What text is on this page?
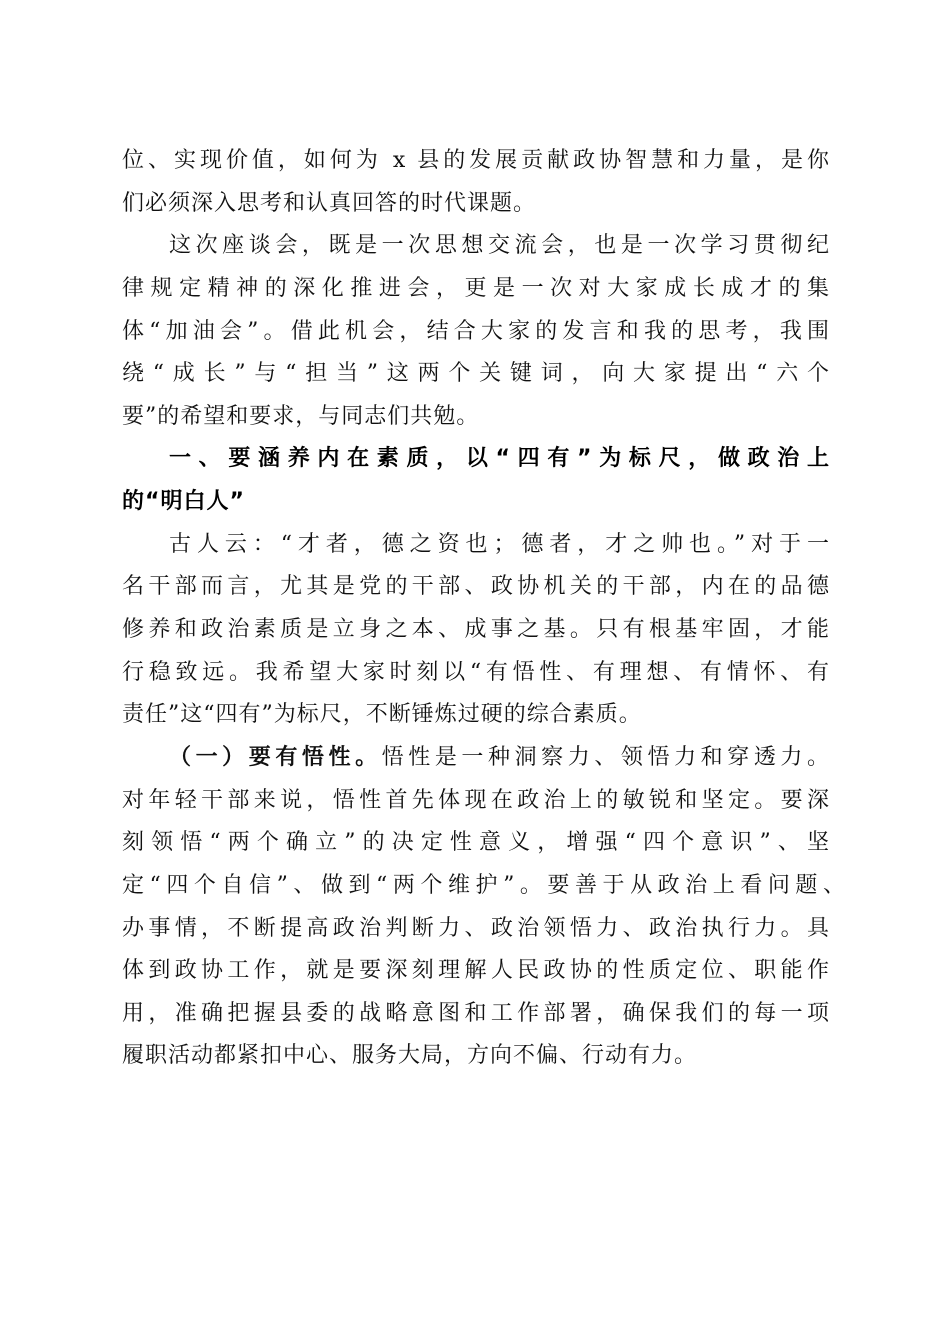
位、实现价值，如何为 x 县的发展贡献政协智慧和力量，是你
们必须深入思考和认真回答的时代课题。
这次座谈会，既是一次思想交流会，也是一次学习贯彻纪
律规定精神的深化推进会，更是一次对大家成长成才的集
体“加油会”。借此机会，结合大家的发言和我的思考，我围
绕“成长”与“担当”这两个关键词，向大家提出“六个
要”的希望和要求，与同志们共勉。
一、要涵养内在素质，以“四有”为标尺，做政治上
的“明白人”
古人云：“才者，德之资也；德者，才之帅也。”对于一
名干部而言，尤其是党的干部、政协机关的干部，内在的品德
修养和政治素质是立身之本、成事之基。只有根基牢固，才能
行稳致远。我希望大家时刻以“有悟性、有理想、有情怀、有
责任”这“四有”为标尺，不断锤炼过硬的综合素质。
（一）要有悟性。悟性是一种洞察力、领悟力和穿透力。
对年轻干部来说，悟性首先体现在政治上的敏锐和坚定。要深
刻领悟“两个确立”的决定性意义，增强“四个意识”、坚
定“四个自信”、做到“两个维护”。要善于从政治上看问题、
办事情，不断提高政治判断力、政治领悟力、政治执行力。具
体到政协工作，就是要深刻理解人民政协的性质定位、职能作
用，准确把握县委的战略意图和工作部署，确保我们的每一项
履职活动都紧扣中心、服务大局，方向不偏、行动有力。
